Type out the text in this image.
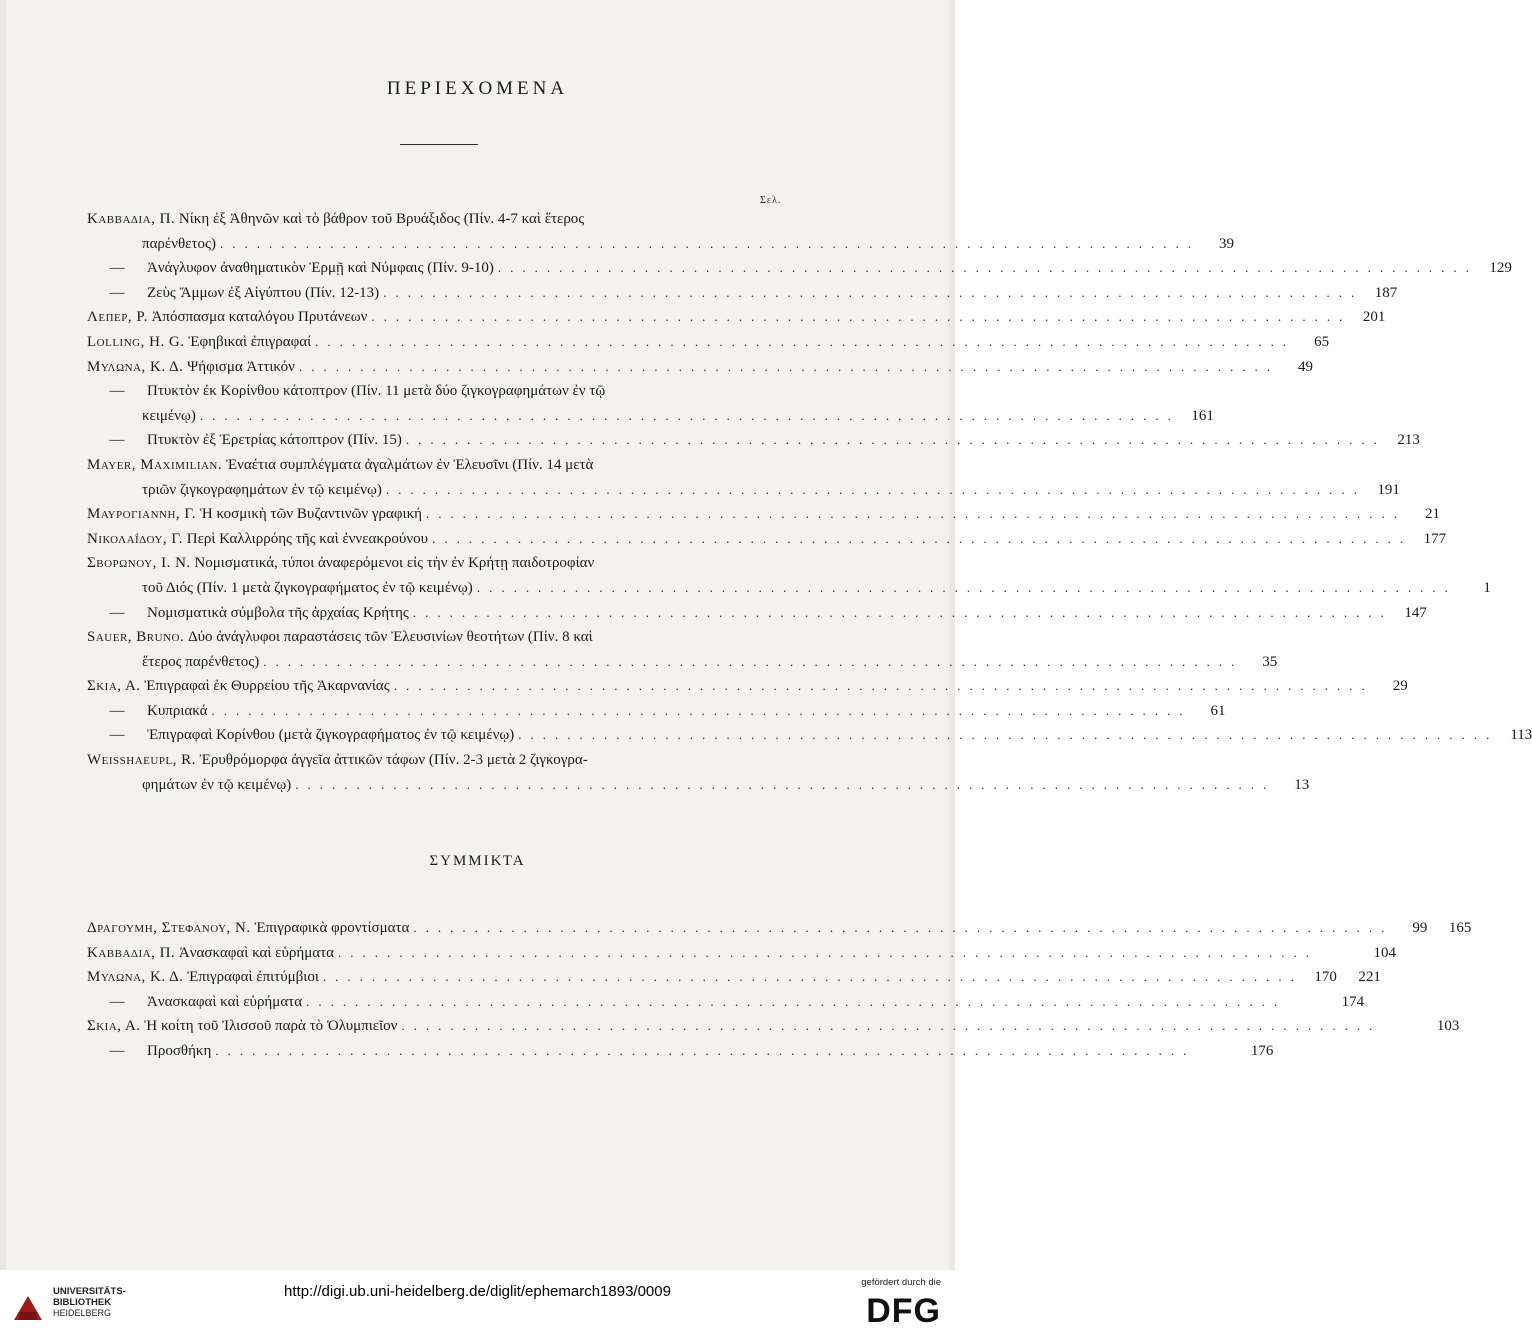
ΠΕΡΙΕΧΟΜΕΝΑ
Σελ.
Καββαδια, Π. Νίκη ἐξ Ἀθηνῶν καὶ τὸ βάθρον τοῦ Βρυάξιδος (Πίν. 4-7 καὶ ἕτερος
παρένθετος) ................................................................................	39
— Ἀνάγλυφον ἀναθηματικὸν Ἑρμῇ καὶ Νύμφαις (Πίν. 9-10) ................................................................................ 129
— Ζεὺς Ἄμμων ἐξ Αἰγύπτου (Πίν. 12-13) ................................................................................ 187
Λεπερ, Ρ. Ἀπόσπασμα καταλόγου Πρυτάνεων ................................................................................ 201
Lolling, H. G. Ἐφηβικαὶ ἐπιγραφαί ................................................................................	65
Μυλωνα, Κ. Δ. Ψήφισμα Ἀττικόν ................................................................................	49
— Πτυκτὸν ἐκ Κορίνθου κάτοπτρον (Πίν. 11 μετὰ δύο ζιγκογραφημάτων ἐν τῷ
κειμένῳ) ................................................................................ 161
— Πτυκτὸν ἐξ Ἐρετρίας κάτοπτρον (Πίν. 15) ................................................................................ 213
Mayer, Maximilian. Ἐναέτια συμπλέγματα ἀγαλμάτων ἐν Ἐλευσῖνι (Πίν. 14 μετὰ
τριῶν ζιγκογραφημάτων ἐν τῷ κειμένῳ) ................................................................................ 191
Μαυρογιαννη, Γ. Ἡ κοσμικὴ τῶν Βυζαντινῶν γραφική ................................................................................	21
Νικολαΐδου, Γ. Περὶ Καλλιρρόης τῆς καὶ ἐννεακρούνου ................................................................................ 177
Σβορωνου, Ι. Ν. Νομισματικά, τύποι ἀναφερόμενοι εἰς τὴν ἐν Κρήτῃ παιδοτροφίαν
τοῦ Διός (Πίν. 1 μετὰ ζιγκογραφήματος ἐν τῷ κειμένῳ) ................................................................................	1
— Νομισματικὰ σύμβολα τῆς ἀρχαίας Κρήτης ................................................................................ 147
Sauer, Bruno. Δύο ἀνάγλυφοι παραστάσεις τῶν Ἐλευσινίων θεοτήτων (Πίν. 8 καὶ
ἕτερος παρένθετος) ................................................................................	35
Σκια, Α. Ἐπιγραφαὶ ἐκ Θυρρείου τῆς Ἀκαρνανίας ................................................................................	29
— Κυπριακά ................................................................................	61
— Ἐπιγραφαὶ Κορίνθου (μετὰ ζιγκογραφήματος ἐν τῷ κειμένῳ) ................................................................................ 113
Weisshaeupl, R. Ἐρυθρόμορφα ἀγγεῖα ἀττικῶν τάφων (Πίν. 2-3 μετὰ 2 ζιγκογρα-
φημάτων ἐν τῷ κειμένῳ) ................................................................................	13
ΣΥΜΜΙΚΤΑ
Δραγουμη, Στεφανου, Ν. Ἐπιγραφικὰ φροντίσματα ................................................................................	99	165
Καββαδια, Π. Ἀνασκαφαὶ καὶ εὑρήματα ................................................................................	104
Μυλωνα, Κ. Δ. Ἐπιγραφαὶ ἐπιτύμβιοι ................................................................................ 170	221
— Ἀνασκαφαὶ καὶ εὑρήματα ................................................................................	174
Σκια, Α. Ἡ κοίτη τοῦ Ἰλισσοῦ παρὰ τὸ Ὀλυμπιεῖον ................................................................................	103
— Προσθήκη ................................................................................	176
UNIVERSITÄTS-
BIBLIOTHEK
HEIDELBERG
http://digi.ub.uni-heidelberg.de/diglit/ephemarch1893/0009
gefördert durch die
DFG
